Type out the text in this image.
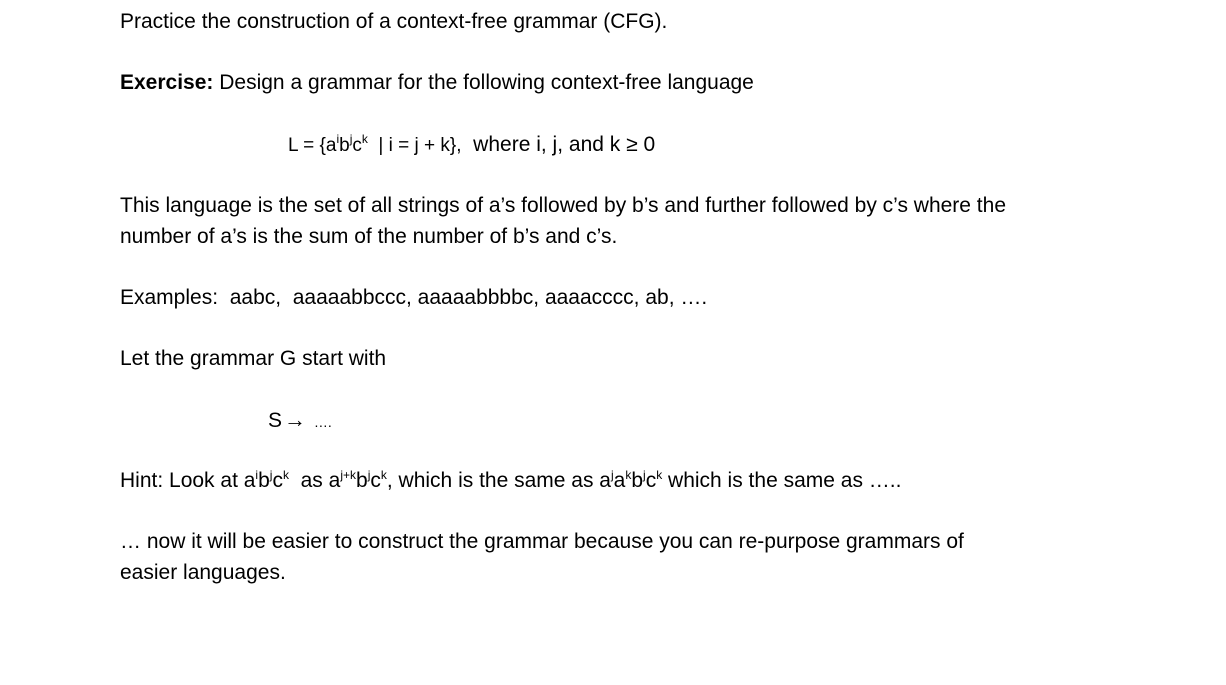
Practice the construction of a context-free grammar (CFG).
Exercise: Design a grammar for the following context-free language
$L = \{a^ib^jc^k$  | i = j + k},  where i, j, and k ≥ 0
This language is the set of all strings of a’s followed by b’s and further followed by c’s where the
number of a’s is the sum of the number of b’s and c’s.
Examples:  aabc,  aaaaabbccc, aaaaabbbbc, aaaacccc, ab, ….
Let the grammar G start with
S→ ….
Hint: Look at $a^ib^jc^k$  as $a^{j+k}b^jc^k$, which is the same as $a^ja^kb^jc^k$ which is the same as …..
… now it will be easier to construct the grammar because you can re-purpose grammars of
easier languages.
